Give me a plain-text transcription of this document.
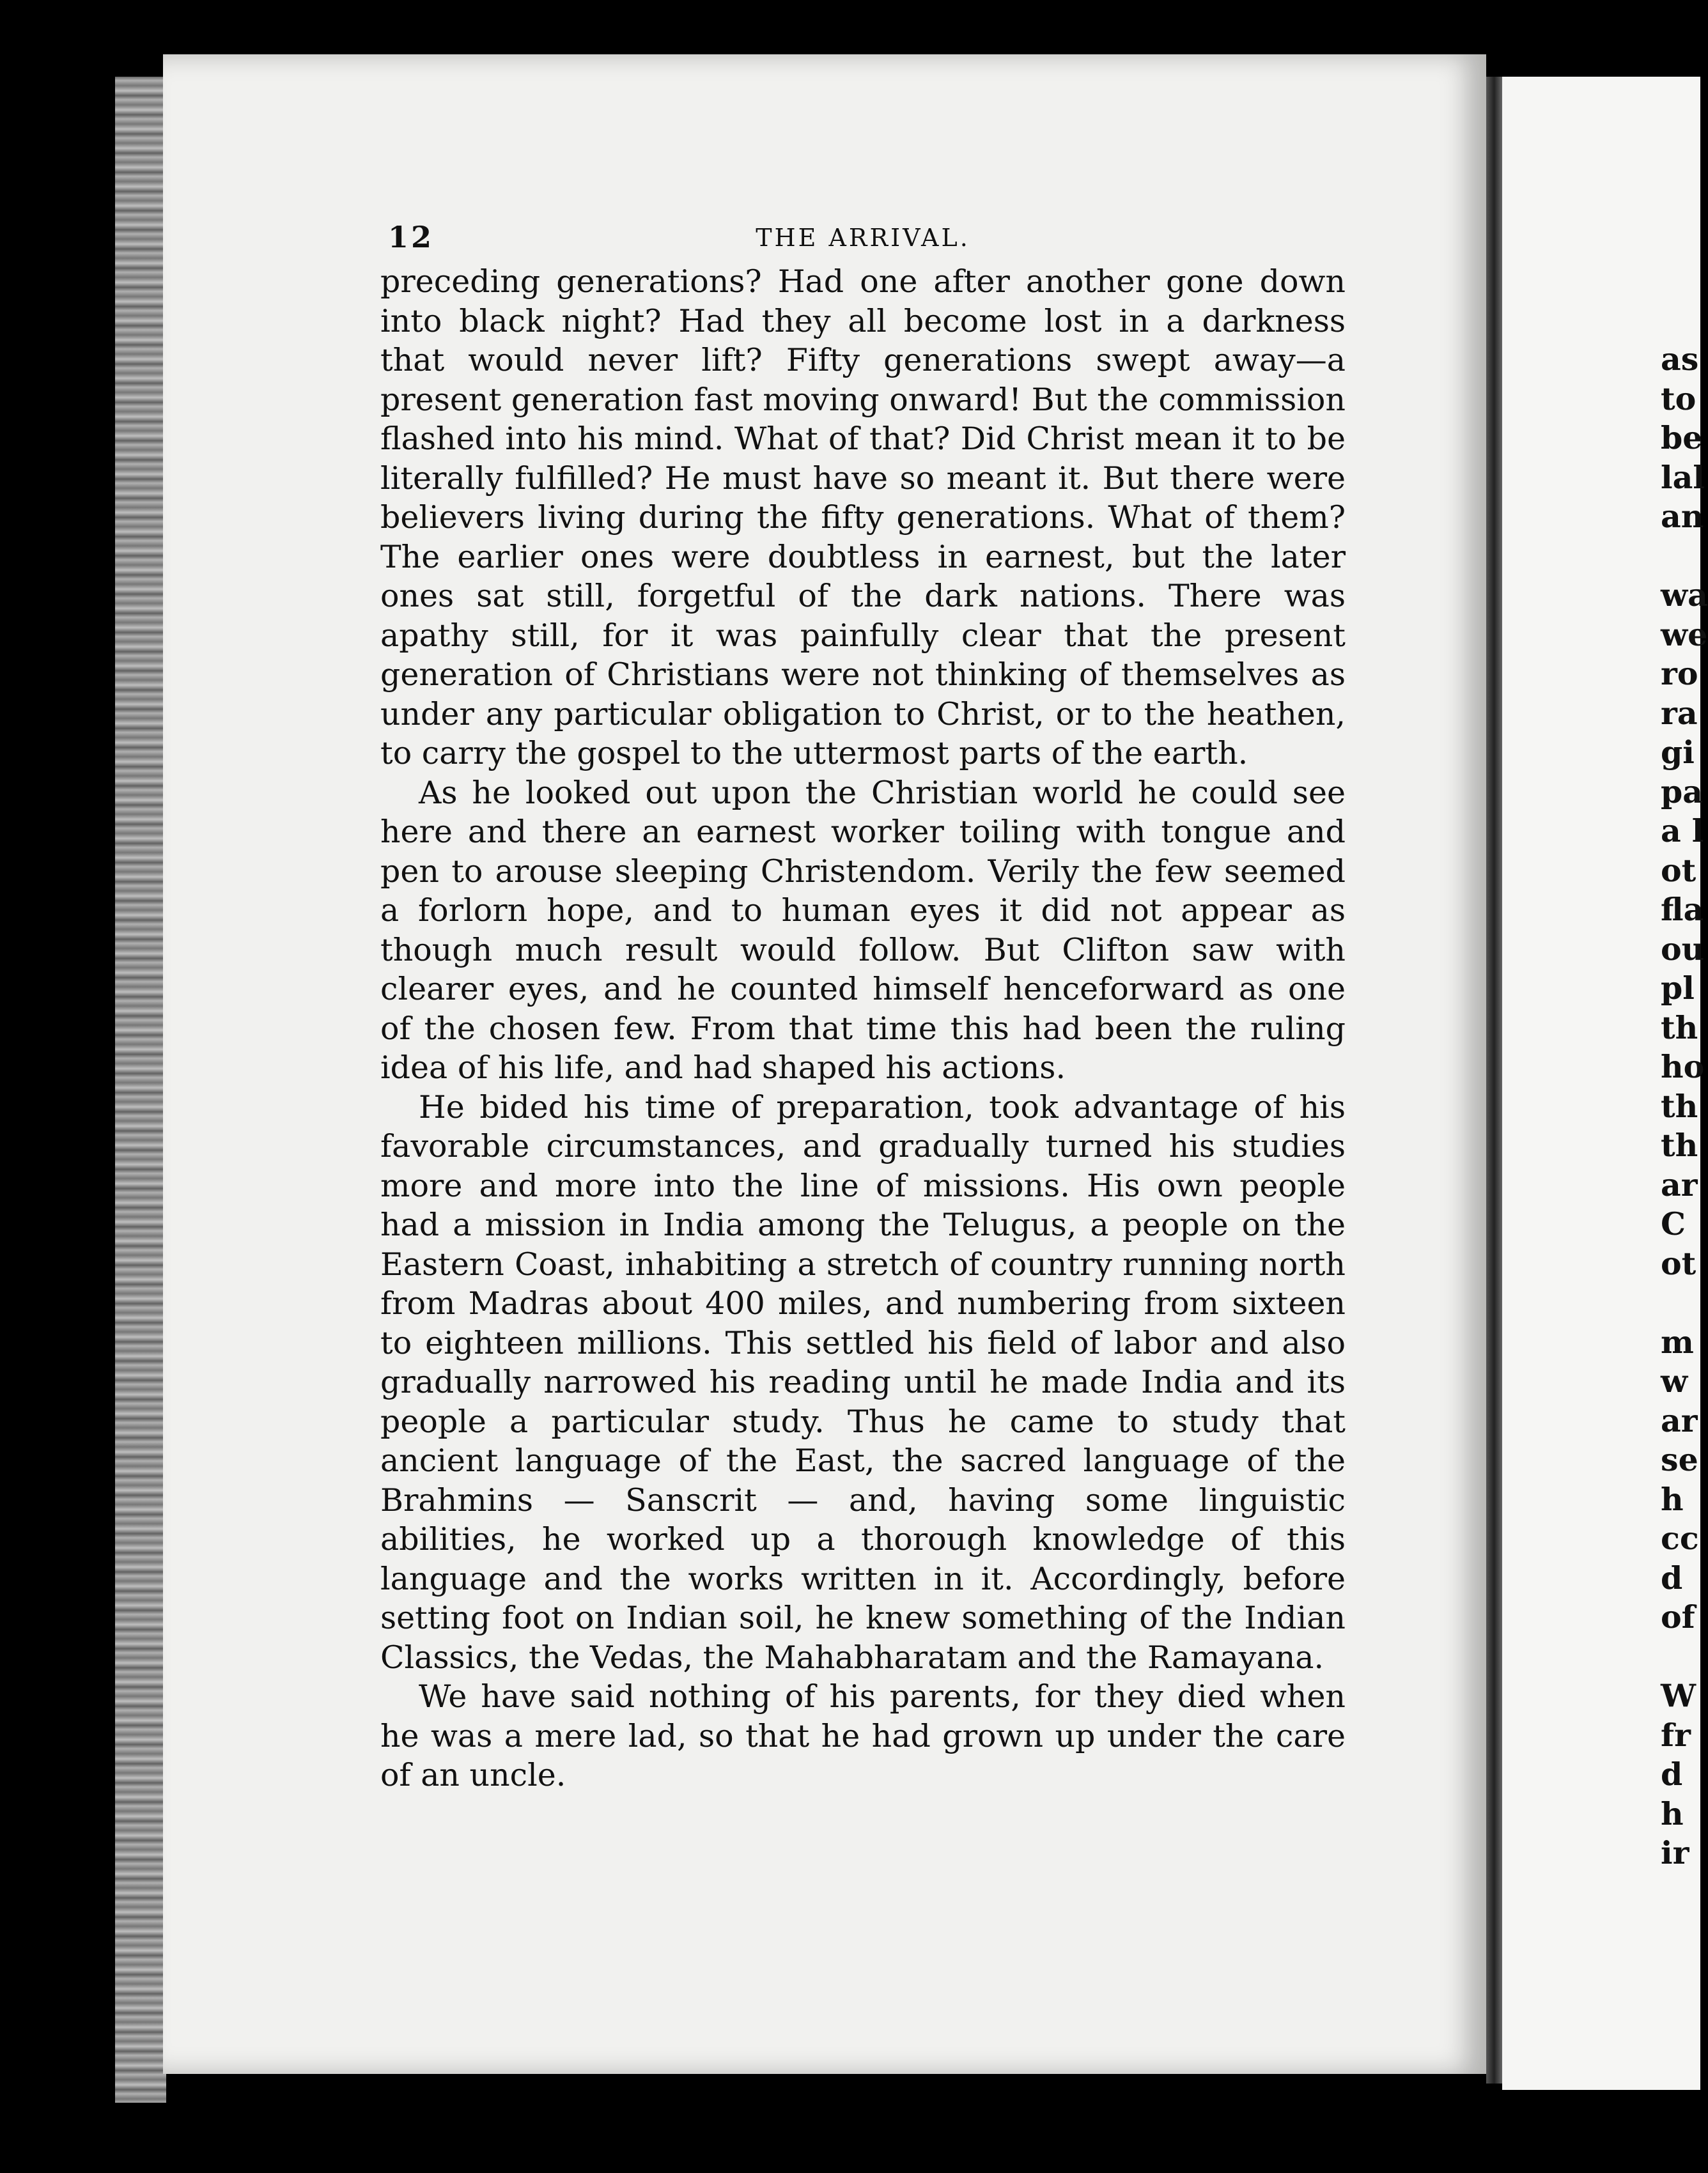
12	THE ARRIVAL.

preceding generations? Had one after another gone down into black night? Had they all become lost in a darkness that would never lift? Fifty generations swept away—a present generation fast moving onward! But the commission flashed into his mind. What of that? Did Christ mean it to be literally fulfilled? He must have so meant it. But there were believers living during the fifty generations. What of them? The earlier ones were doubtless in earnest, but the later ones sat still, forgetful of the dark nations. There was apathy still, for it was painfully clear that the present generation of Christians were not thinking of themselves as under any particular obligation to Christ, or to the heathen, to carry the gospel to the uttermost parts of the earth.

As he looked out upon the Christian world he could see here and there an earnest worker toiling with tongue and pen to arouse sleeping Christendom. Verily the few seemed a forlorn hope, and to human eyes it did not appear as though much result would follow. But Clifton saw with clearer eyes, and he counted himself henceforward as one of the chosen few. From that time this had been the ruling idea of his life, and had shaped his actions.

He bided his time of preparation, took advantage of his favorable circumstances, and gradually turned his studies more and more into the line of missions. His own people had a mission in India among the Telugus, a people on the Eastern Coast, inhabiting a stretch of country running north from Madras about 400 miles, and numbering from sixteen to eighteen millions. This settled his field of labor and also gradually narrowed his reading until he made India and its people a particular study. Thus he came to study that ancient language of the East, the sacred language of the Brahmins — Sanscrit — and, having some linguistic abilities, he worked up a thorough knowledge of this language and the works written in it. Accordingly, before setting foot on Indian soil, he knew something of the Indian Classics, the Vedas, the Mahabharatam and the Ramayana.

We have said nothing of his parents, for they died when he was a mere lad, so that he had grown up under the care of an uncle.

as
to
be
lal
an
wa
we
ro
ra
gi
pa
a l
ot
fla
ou
pl
th
ho
th
th
ar
C
ot
m
w
ar
se
h
cc
d
of
W
fr
d
h
ir
